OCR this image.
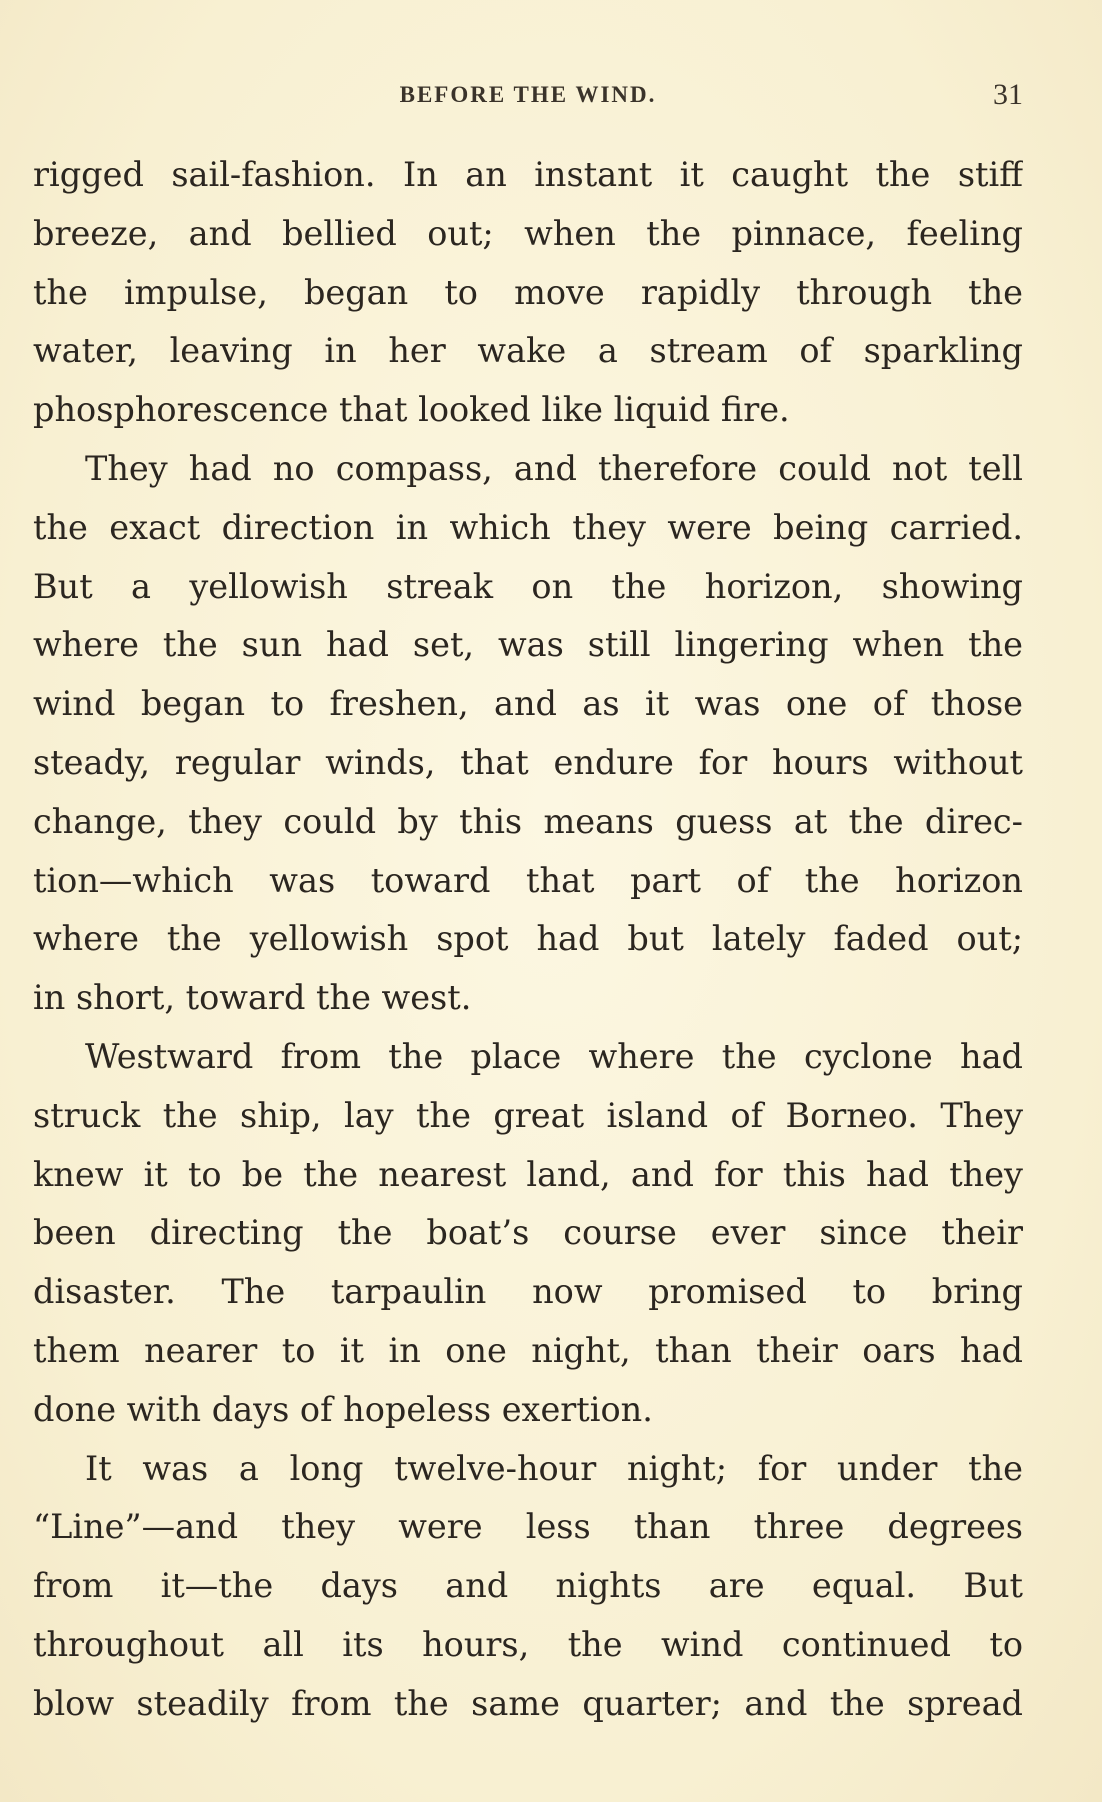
BEFORE THE WIND.	31
rigged sail-fashion. In an instant it caught the stiff
breeze, and bellied out; when the pinnace, feeling
the impulse, began to move rapidly through the
water, leaving in her wake a stream of sparkling
phosphorescence that looked like liquid fire.
They had no compass, and therefore could not tell
the exact direction in which they were being carried.
But a yellowish streak on the horizon, showing
where the sun had set, was still lingering when the
wind began to freshen, and as it was one of those
steady, regular winds, that endure for hours without
change, they could by this means guess at the direc-
tion—which was toward that part of the horizon
where the yellowish spot had but lately faded out;
in short, toward the west.
Westward from the place where the cyclone had
struck the ship, lay the great island of Borneo. They
knew it to be the nearest land, and for this had they
been directing the boat’s course ever since their
disaster. The tarpaulin now promised to bring
them nearer to it in one night, than their oars had
done with days of hopeless exertion.
It was a long twelve-hour night; for under the
“Line”—and they were less than three degrees
from it—the days and nights are equal. But
throughout all its hours, the wind continued to
blow steadily from the same quarter; and the spread
